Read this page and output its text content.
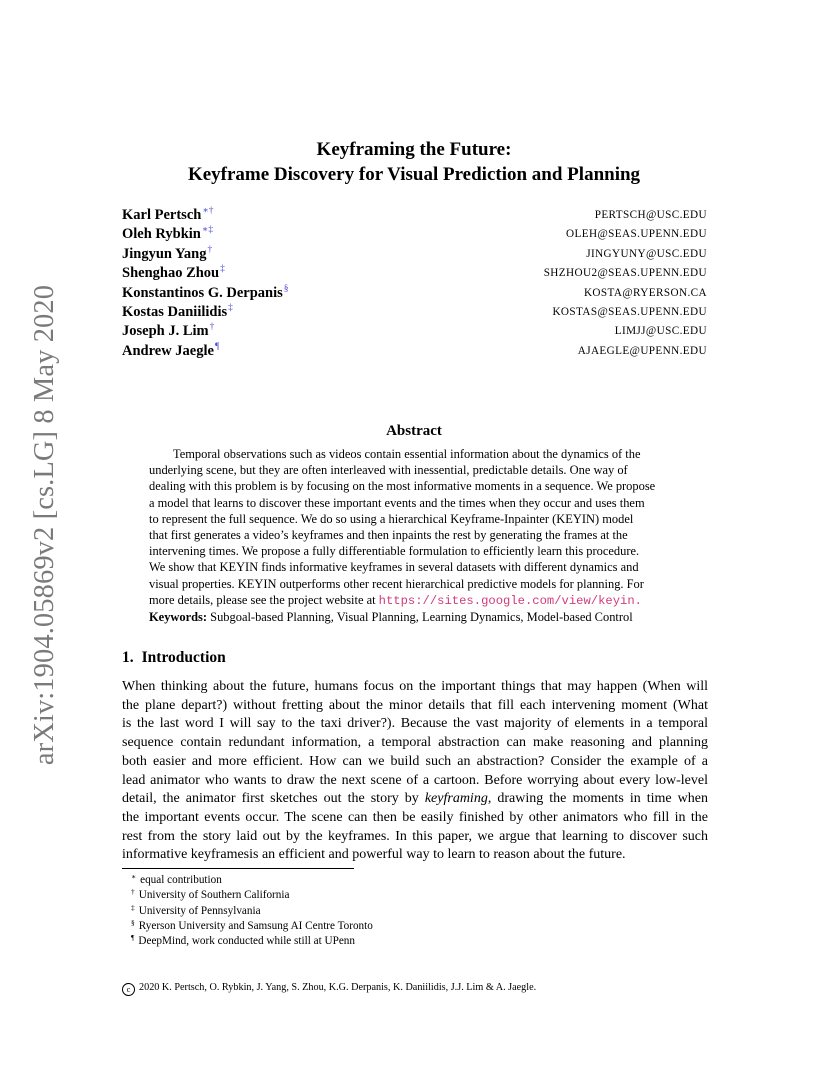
arXiv:1904.05869v2 [cs.LG] 8 May 2020
Keyframing the Future:
Keyframe Discovery for Visual Prediction and Planning
Karl Pertsch∗†	PERTSCH@USC.EDU
Oleh Rybkin∗‡	OLEH@SEAS.UPENN.EDU
Jingyun Yang†	JINGYUNY@USC.EDU
Shenghao Zhou‡	SHZHOU2@SEAS.UPENN.EDU
Konstantinos G. Derpanis§	KOSTA@RYERSON.CA
Kostas Daniilidis‡	KOSTAS@SEAS.UPENN.EDU
Joseph J. Lim†	LIMJJ@USC.EDU
Andrew Jaegle¶	AJAEGLE@UPENN.EDU
Abstract
Temporal observations such as videos contain essential information about the dynamics of the
underlying scene, but they are often interleaved with inessential, predictable details. One way of
dealing with this problem is by focusing on the most informative moments in a sequence. We propose
a model that learns to discover these important events and the times when they occur and uses them
to represent the full sequence. We do so using a hierarchical Keyframe-Inpainter (KEYIN) model
that first generates a video’s keyframes and then inpaints the rest by generating the frames at the
intervening times. We propose a fully differentiable formulation to efficiently learn this procedure.
We show that KEYIN finds informative keyframes in several datasets with different dynamics and
visual properties. KEYIN outperforms other recent hierarchical predictive models for planning. For
more details, please see the project website at https://sites.google.com/view/keyin.
Keywords: Subgoal-based Planning, Visual Planning, Learning Dynamics, Model-based Control
1. Introduction
When thinking about the future, humans focus on the important things that may happen (When will
the plane depart?) without fretting about the minor details that fill each intervening moment (What
is the last word I will say to the taxi driver?). Because the vast majority of elements in a temporal
sequence contain redundant information, a temporal abstraction can make reasoning and planning
both easier and more efficient. How can we build such an abstraction? Consider the example of a
lead animator who wants to draw the next scene of a cartoon. Before worrying about every low-level
detail, the animator first sketches out the story by keyframing, drawing the moments in time when
the important events occur. The scene can then be easily finished by other animators who fill in the
rest from the story laid out by the keyframes. In this paper, we argue that learning to discover such
informative keyframesis an efficient and powerful way to learn to reason about the future.
∗ equal contribution
† University of Southern California
‡ University of Pennsylvania
§ Ryerson University and Samsung AI Centre Toronto
¶ DeepMind, work conducted while still at UPenn
c 2020 K. Pertsch, O. Rybkin, J. Yang, S. Zhou, K.G. Derpanis, K. Daniilidis, J.J. Lim & A. Jaegle.
